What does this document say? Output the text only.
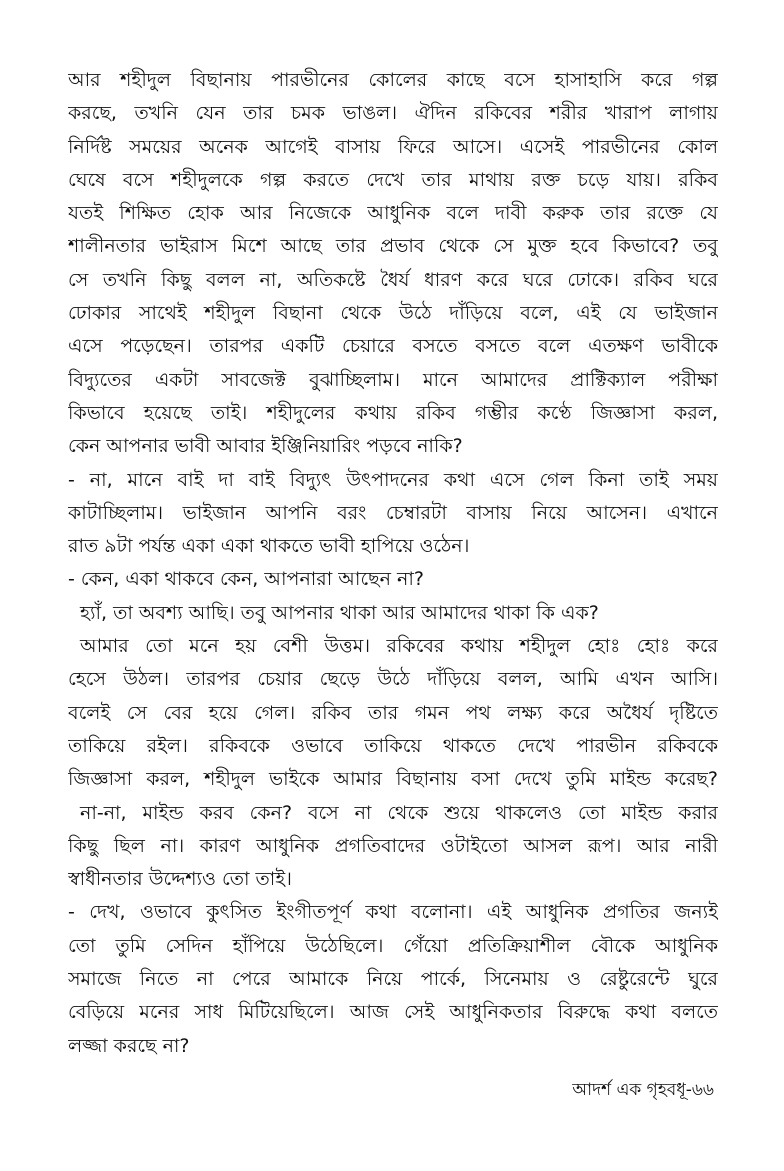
আর শহীদুল বিছানায় পারভীনের কোলের কাছে বসে হাসাহাসি করে গল্প
করছে, তখনি যেন তার চমক ভাঙল। ঐদিন রকিবের শরীর খারাপ লাগায়
নির্দিষ্ট সময়ের অনেক আগেই বাসায় ফিরে আসে। এসেই পারভীনের কোল
ঘেষে বসে শহীদুলকে গল্প করতে দেখে তার মাথায় রক্ত চড়ে যায়। রকিব
যতই শিক্ষিত হোক আর নিজেকে আধুনিক বলে দাবী করুক তার রক্তে যে
শালীনতার ভাইরাস মিশে আছে তার প্রভাব থেকে সে মুক্ত হবে কিভাবে? তবু
সে তখনি কিছু বলল না, অতিকষ্টে ধৈর্য ধারণ করে ঘরে ঢোকে। রকিব ঘরে
ঢোকার সাথেই শহীদুল বিছানা থেকে উঠে দাঁড়িয়ে বলে, এই যে ভাইজান
এসে পড়েছেন। তারপর একটি চেয়ারে বসতে বসতে বলে এতক্ষণ ভাবীকে
বিদ্যুতের একটা সাবজেক্ট বুঝাচ্ছিলাম। মানে আমাদের প্রাক্টিক্যাল পরীক্ষা
কিভাবে হয়েছে তাই। শহীদুলের কথায় রকিব গম্ভীর কণ্ঠে জিজ্ঞাসা করল,
কেন আপনার ভাবী আবার ইঞ্জিনিয়ারিং পড়বে নাকি?
- না, মানে বাই দা বাই বিদ্যুৎ উৎপাদনের কথা এসে গেল কিনা তাই সময়
কাটাচ্ছিলাম। ভাইজান আপনি বরং চেম্বারটা বাসায় নিয়ে আসেন। এখানে
রাত ৯টা পর্যন্ত একা একা থাকতে ভাবী হাপিয়ে ওঠেন।
- কেন, একা থাকবে কেন, আপনারা আছেন না?
হ্যাঁ, তা অবশ্য আছি। তবু আপনার থাকা আর আমাদের থাকা কি এক?
আমার তো মনে হয় বেশী উত্তম। রকিবের কথায় শহীদুল হোঃ হোঃ করে
হেসে উঠল। তারপর চেয়ার ছেড়ে উঠে দাঁড়িয়ে বলল, আমি এখন আসি।
বলেই সে বের হয়ে গেল। রকিব তার গমন পথ লক্ষ্য করে অধৈর্য দৃষ্টিতে
তাকিয়ে রইল। রকিবকে ওভাবে তাকিয়ে থাকতে দেখে পারভীন রকিবকে
জিজ্ঞাসা করল, শহীদুল ভাইকে আমার বিছানায় বসা দেখে তুমি মাইন্ড করেছ?
না-না, মাইন্ড করব কেন? বসে না থেকে শুয়ে থাকলেও তো মাইন্ড করার
কিছু ছিল না। কারণ আধুনিক প্রগতিবাদের ওটাইতো আসল রূপ। আর নারী
স্বাধীনতার উদ্দেশ্যও তো তাই।
- দেখ, ওভাবে কুৎসিত ইংগীতপূর্ণ কথা বলোনা। এই আধুনিক প্রগতির জন্যই
তো তুমি সেদিন হাঁপিয়ে উঠেছিলে। গেঁয়ো প্রতিক্রিয়াশীল বৌকে আধুনিক
সমাজে নিতে না পেরে আমাকে নিয়ে পার্কে, সিনেমায় ও রেষ্টুরেন্টে ঘুরে
বেড়িয়ে মনের সাধ মিটিয়েছিলে। আজ সেই আধুনিকতার বিরুদ্ধে কথা বলতে
লজ্জা করছে না?
আদর্শ এক গৃহবধূ-৬৬
